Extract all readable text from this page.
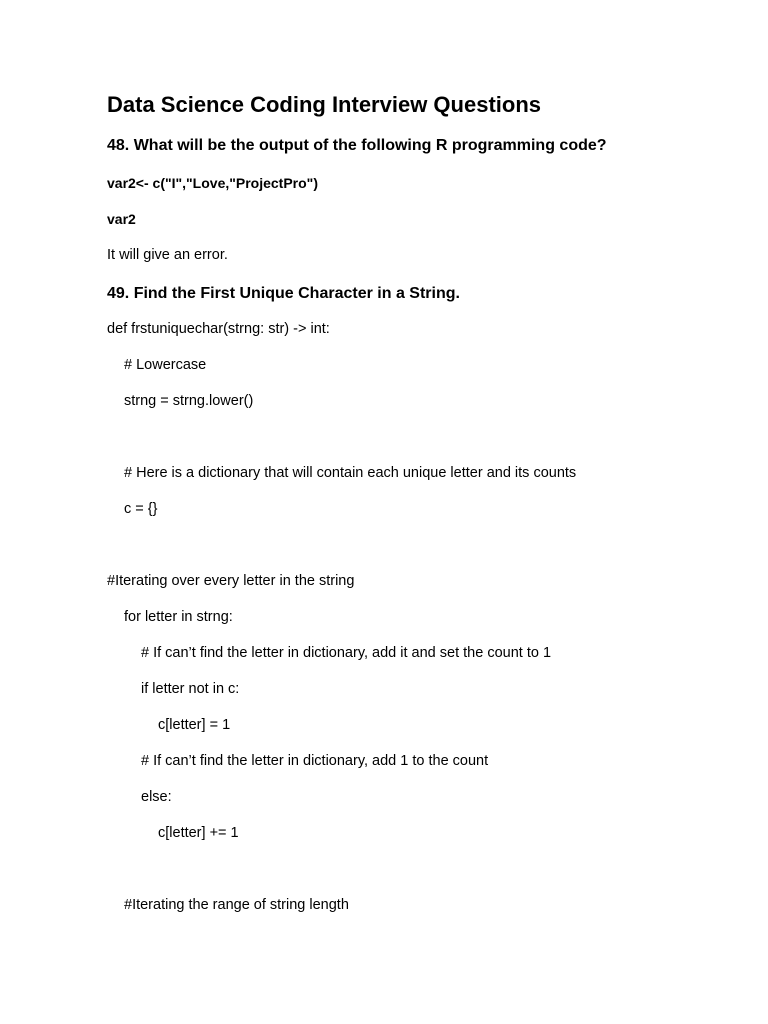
Data Science Coding Interview Questions
48. What will be the output of the following R programming code?
var2<- c("I","Love,"ProjectPro")
var2
It will give an error.
49. Find the First Unique Character in a String.
def frstuniquechar(strng: str) -> int:
# Lowercase
strng = strng.lower()
# Here is a dictionary that will contain each unique letter and its counts
c = {}
#Iterating over every letter in the string
for letter in strng:
# If can’t find the letter in dictionary, add it and set the count to 1
if letter not in c:
c[letter] = 1
# If can’t find the letter in dictionary, add 1 to the count
else:
c[letter] += 1
#Iterating the range of string length
